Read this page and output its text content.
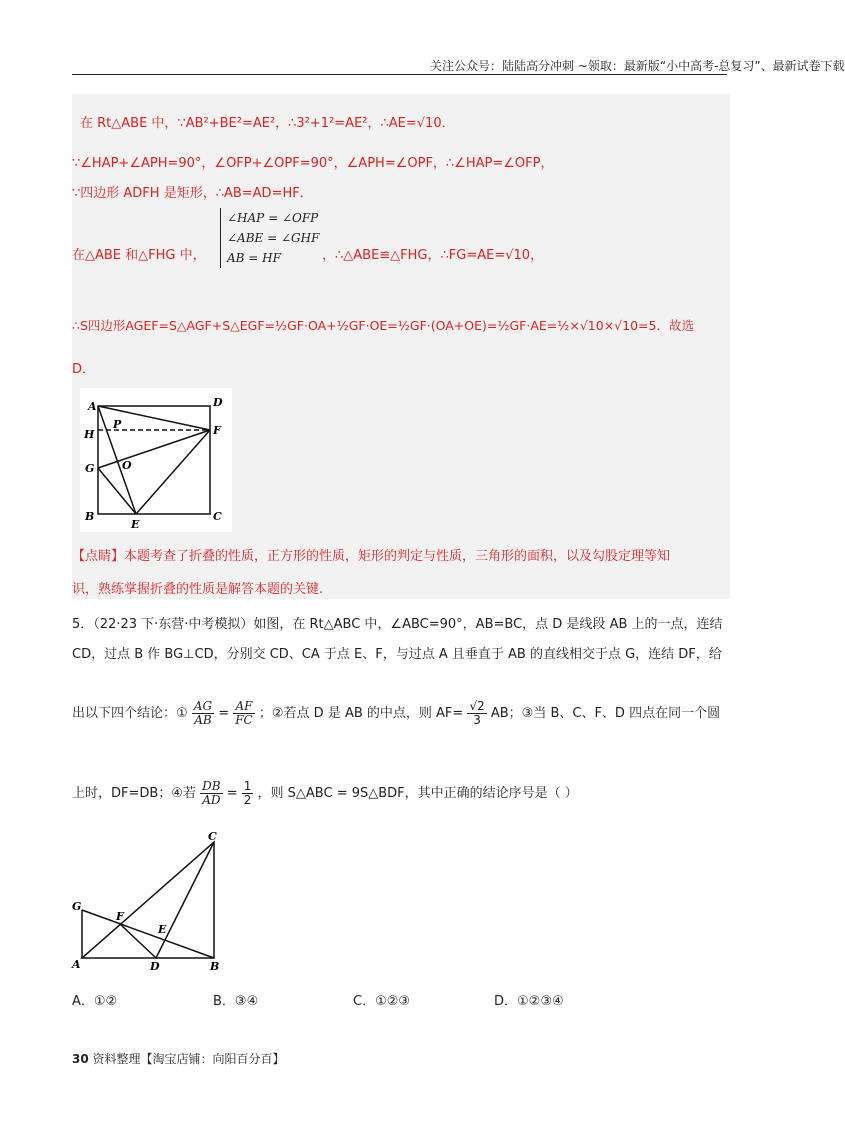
关注公众号：陆陆高分冲刺 ~领取：最新版“小中高考-总复习”、最新试卷下载
在 Rt△ABE 中，∵AB²+BE²=AE²，∴3²+1²=AE²，∴AE=√10．
∵∠HAP+∠APH=90°，∠OFP+∠OPF=90°，∠APH=∠OPF，∴∠HAP=∠OFP，
∵四边形 ADFH 是矩形，∴AB=AD=HF．
在△ABE 和△FHG 中，
∠HAP = ∠OFP
∠ABE = ∠GHF
AB = HF	，∴△ABE≌△FHG，∴FG=AE=√10，
∴S四边形AGEF=S△AGF+S△EGF=½GF·OA+½GF·OE=½GF·(OA+OE)=½GF·AE=½×√10×√10=5．故选
D．
A	D
H
P	F
G	O
B
E
C
【点睛】本题考查了折叠的性质，正方形的性质，矩形的判定与性质，三角形的面积，以及勾股定理等知
识，熟练掌握折叠的性质是解答本题的关键.
5．（22·23 下·东营·中考模拟）如图，在 Rt△ABC 中，∠ABC=90°，AB=BC，点 D 是线段 AB 上的一点，连结
CD，过点 B 作 BG⊥CD，分别交 CD、CA 于点 E、F，与过点 A 且垂直于 AB 的直线相交于点 G，连结 DF，给
出以下四个结论：① $\frac{AG}{AB} = \frac{AF}{FC}$ ；②若点 D 是 AB 的中点，则 $AF= \frac{√2}{3}$ AB；③当 B、C、F、D 四点在同一个圆
上时，DF=DB；④若 $\frac{DB}{AD} = \frac{1}{2}$ ，则 S△ABC = 9S△BDF，其中正确的结论序号是（ ）
C
G
F
E
A	D	B
A．①②	B．③④	C．①②③	D．①②③④
30 资料整理【淘宝店铺：向阳百分百】
